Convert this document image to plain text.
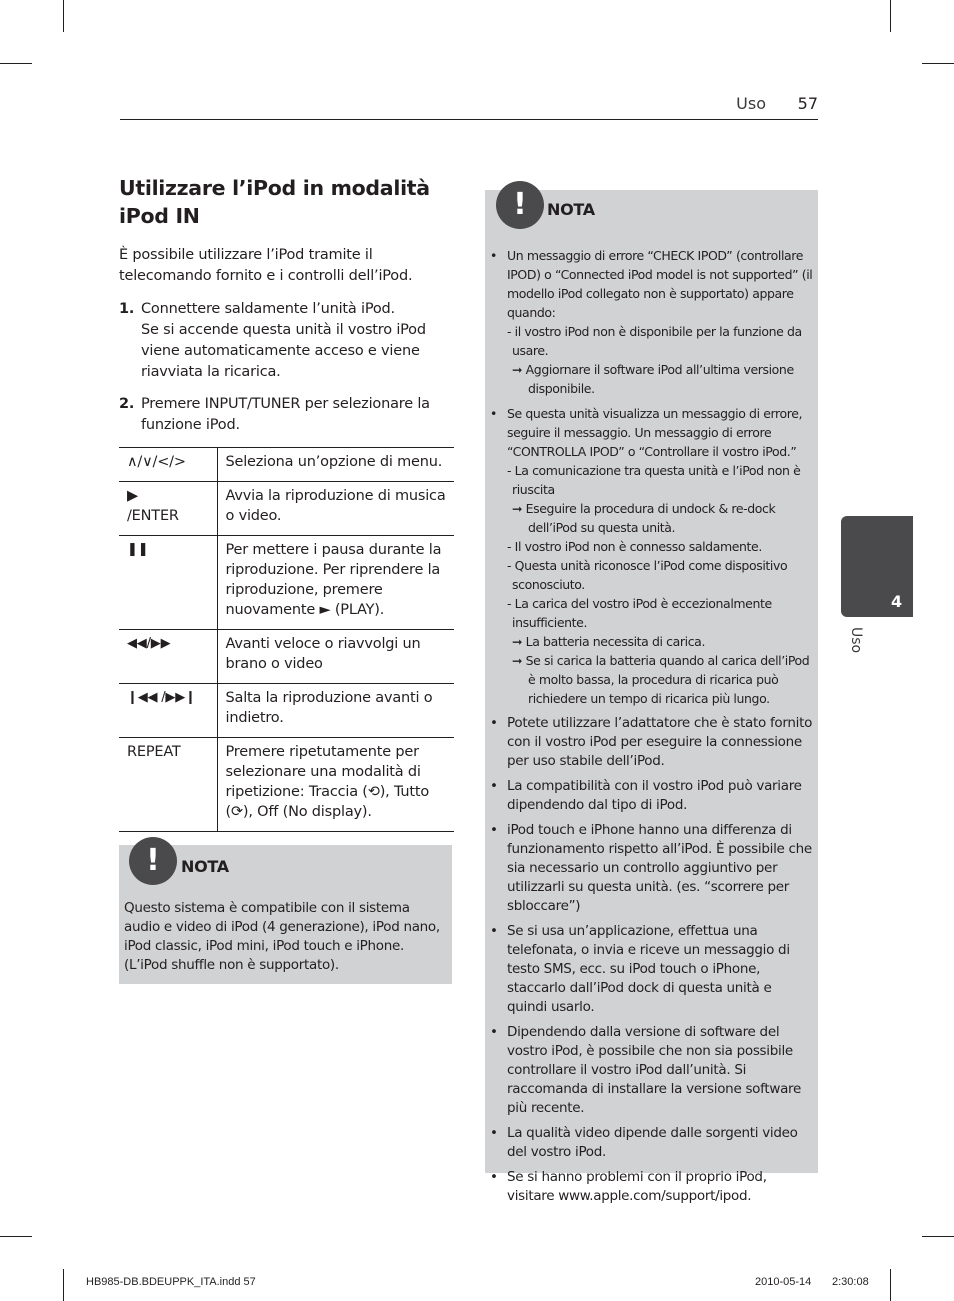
Uso 57
Utilizzare l’iPod in modalità iPod IN

È possibile utilizzare l’iPod tramite il telecomando fornito e i controlli dell’iPod.

1. Connettere saldamente l’unità iPod.

Se si accende questa unità il vostro iPod viene automaticamente acceso e viene riavviata la ricarica.

2. Premere INPUT/TUNER per selezionare la funzione iPod.

∧/∨/</>	Seleziona un’opzione di menu.

▶
/ENTER	Avvia la riproduzione di musica o video.
❚❚	Per mettere i pausa durante la riproduzione. Per riprendere la riproduzione, premere nuovamente ► (PLAY).
◀◀/▶▶	Avanti veloce o riavvolgi un brano o video
❙◀◀ /▶▶❙	Salta la riproduzione avanti o indietro.
REPEAT	Premere ripetutamente per selezionare una modalità di ripetizione: Traccia (⟲), Tutto (⟳), Off (No display).
!	NOTA

Questo sistema è compatibile con il sistema audio e video di iPod (4 generazione), iPod nano, iPod classic, iPod mini, iPod touch e iPhone.

(L’iPod shuffle non è supportato).

!	NOTA
• Un messaggio di errore “CHECK IPOD” (controllare IPOD) o “Connected iPod model is not supported” (il modello iPod collegato non è supportato) appare quando:
- il vostro iPod non è disponibile per la funzione da usare.
➞ Aggiornare il software iPod all’ultima versione disponibile.
• Se questa unità visualizza un messaggio di errore, seguire il messaggio. Un messaggio di errore “CONTROLLA IPOD” o “Controllare il vostro iPod.”
- La comunicazione tra questa unità e l’iPod non è riuscita
➞ Eseguire la procedura di undock & re-dock dell’iPod su questa unità.
- Il vostro iPod non è connesso saldamente.
- Questa unità riconosce l’iPod come dispositivo sconosciuto.
- La carica del vostro iPod è eccezionalmente insufficiente.
➞ La batteria necessita di carica.
➞ Se si carica la batteria quando al carica dell’iPod è molto bassa, la procedura di ricarica può richiedere un tempo di ricarica più lungo.
• Potete utilizzare l’adattatore che è stato fornito con il vostro iPod per eseguire la connessione per uso stabile dell’iPod.
• La compatibilità con il vostro iPod può variare dipendendo dal tipo di iPod.
• iPod touch e iPhone hanno una differenza di funzionamento rispetto all’iPod. È possibile che sia necessario un controllo aggiuntivo per utilizzarli su questa unità. (es. “scorrere per sbloccare”)
• Se si usa un’applicazione, effettua una telefonata, o invia e riceve un messaggio di testo SMS, ecc. su iPod touch o iPhone, staccarlo dall’iPod dock di questa unità e quindi usarlo.
• Dipendendo dalla versione di software del vostro iPod, è possibile che non sia possibile controllare il vostro iPod dall’unità. Si raccomanda di installare la versione software più recente.
• La qualità video dipende dalle sorgenti video del vostro iPod.
• Se si hanno problemi con il proprio iPod, visitare www.apple.com/support/ipod.
4
Uso
HB985-DB.BDEUPPK_ITA.indd 57	2010-05-14 2:30:08
